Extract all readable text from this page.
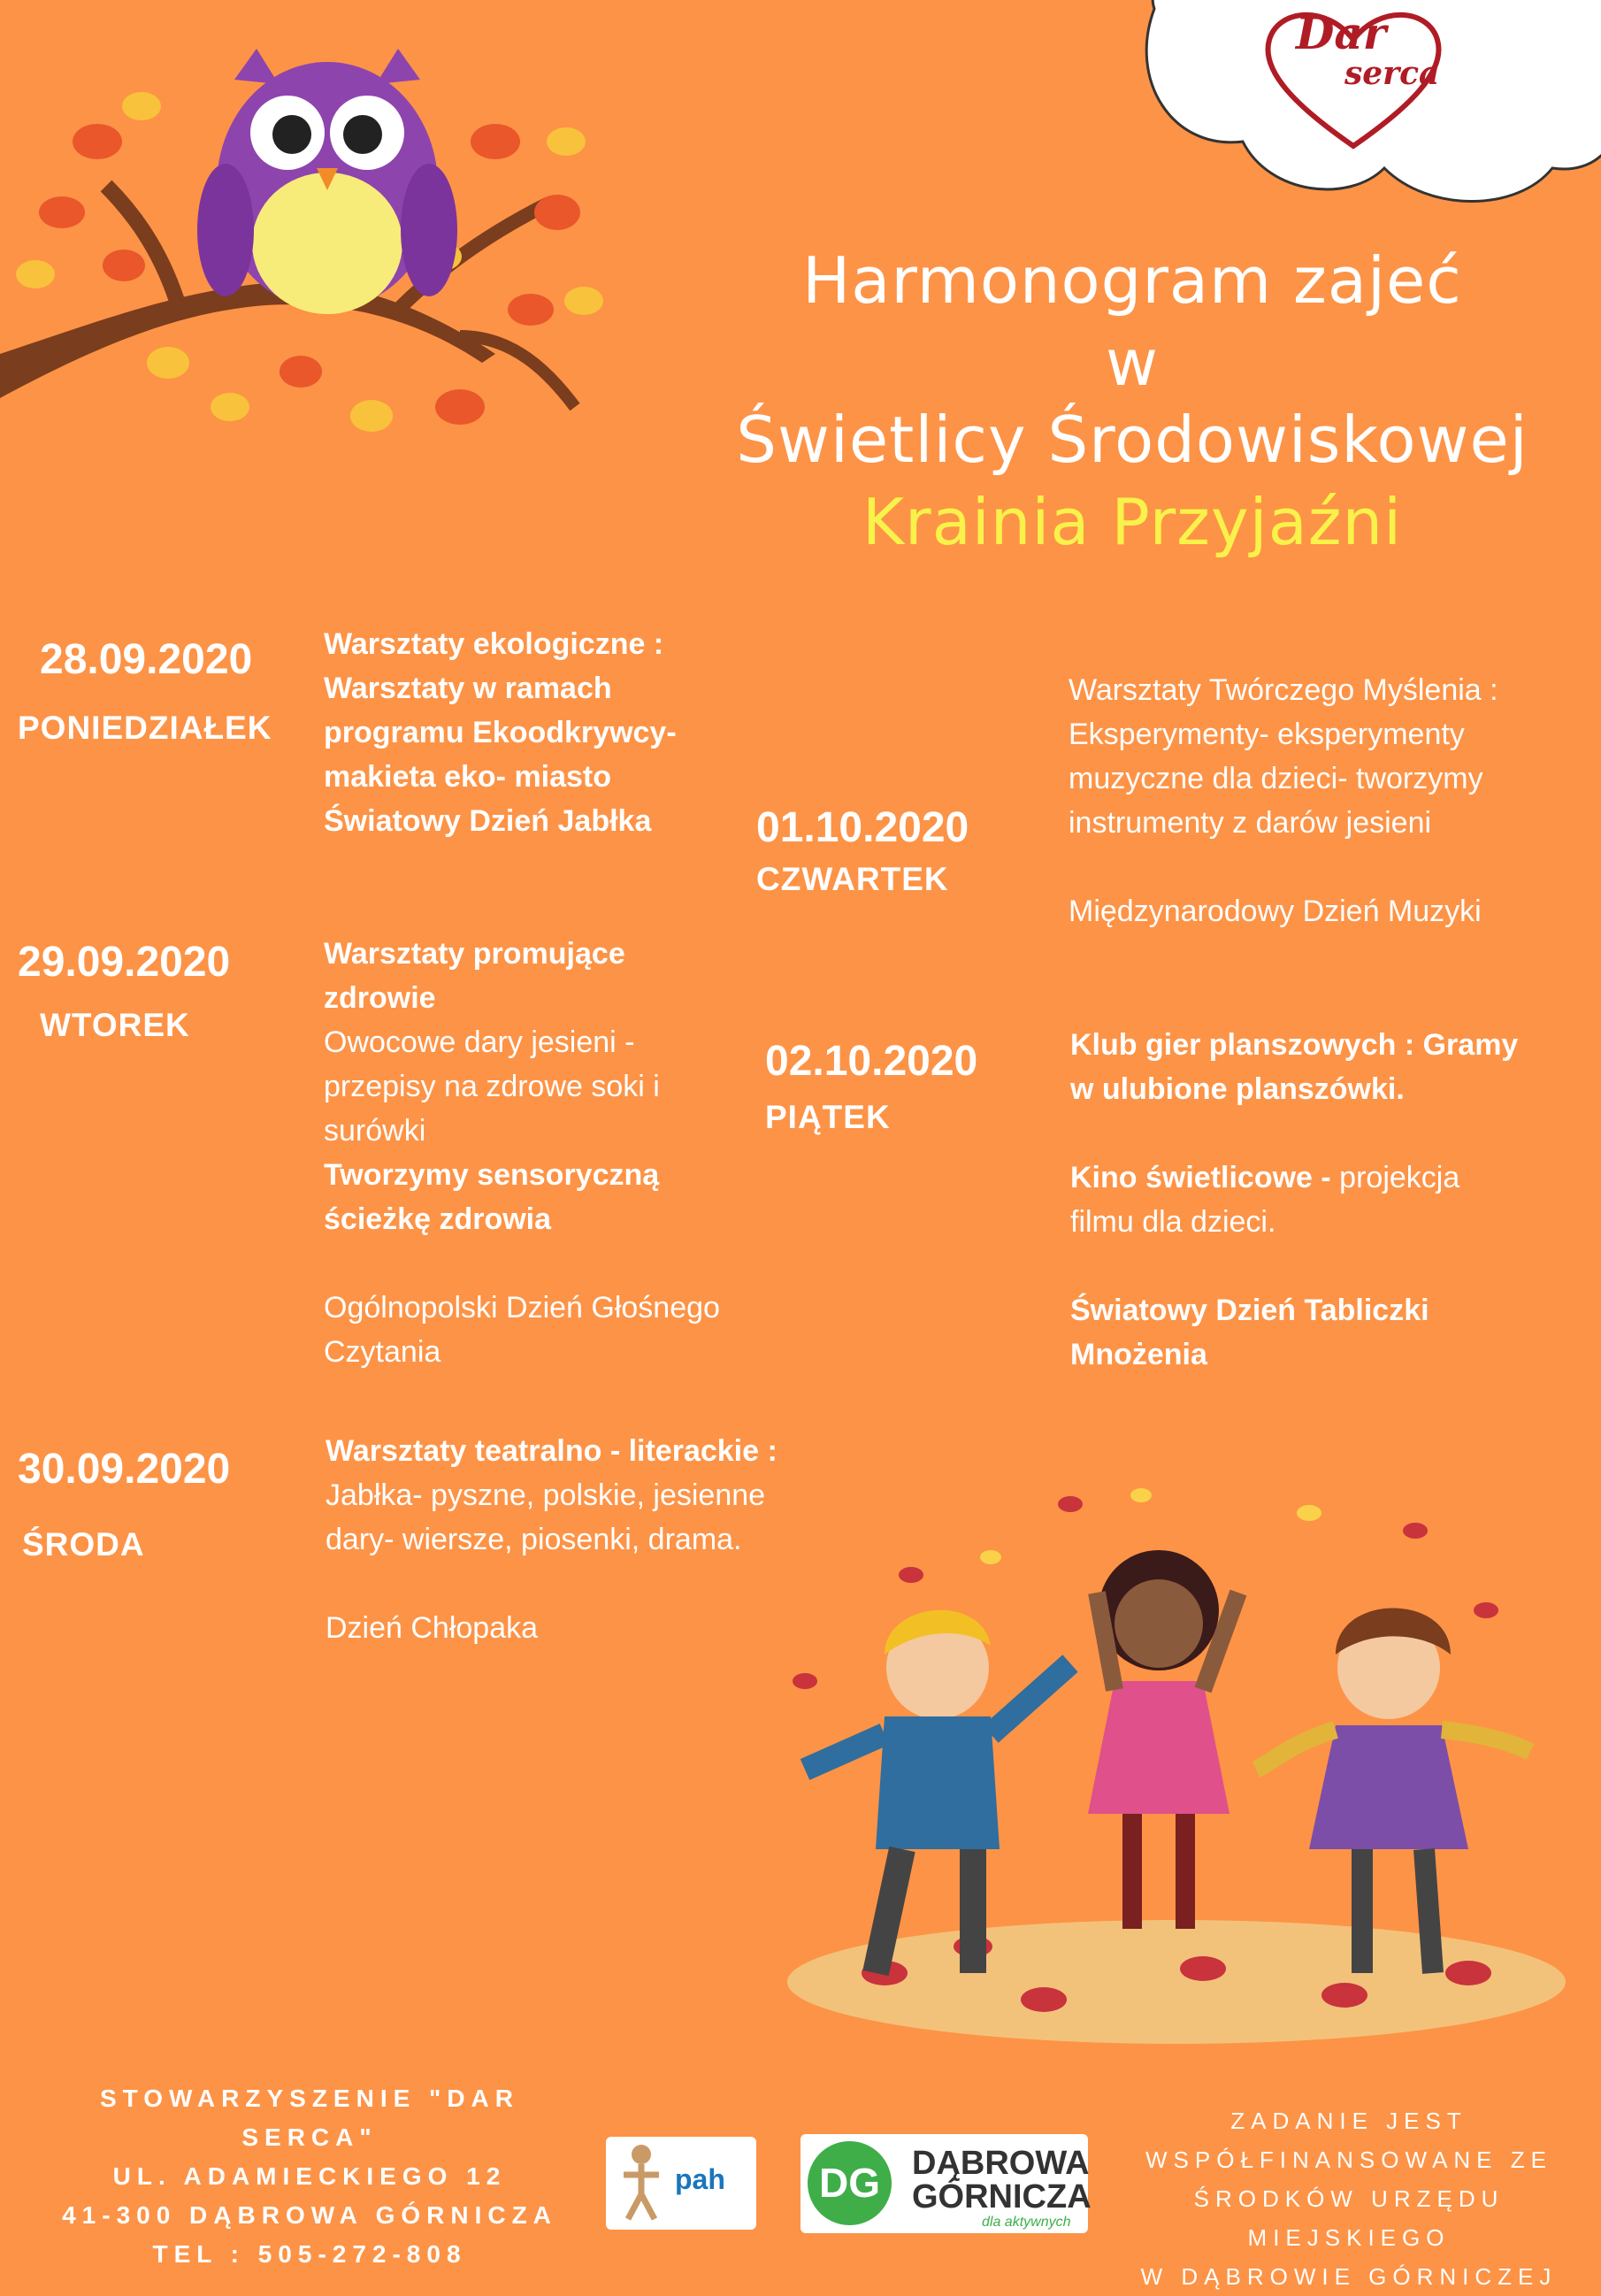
Dar
serca
Harmonogram zajeć
w
Świetlicy Środowiskowej
Krainia Przyjaźni
28.09.2020
PONIEDZIAŁEK
Warsztaty ekologiczne :
Warsztaty w ramach
programu Ekoodkrywcy-
makieta eko- miasto
Światowy Dzień Jabłka
29.09.2020
WTOREK
Warsztaty promujące
zdrowie
Owocowe dary jesieni -
przepisy na zdrowe soki i
surówki
Tworzymy sensoryczną
ścieżkę zdrowia
Ogólnopolski Dzień Głośnego
Czytania
30.09.2020
ŚRODA
Warsztaty teatralno - literackie :
Jabłka- pyszne, polskie, jesienne
dary- wiersze, piosenki, drama.
Dzień Chłopaka
01.10.2020
CZWARTEK
Warsztaty Twórczego Myślenia :
Eksperymenty- eksperymenty
muzyczne dla dzieci- tworzymy
instrumenty z darów jesieni
Międzynarodowy Dzień Muzyki
02.10.2020
PIĄTEK
Klub gier planszowych : Gramy
w ulubione planszówki.
Kino świetlicowe - projekcja
filmu dla dzieci.
Światowy Dzień Tabliczki
Mnożenia
STOWARZYSZENIE "DAR SERCA"
UL. ADAMIECKIEGO 12
41-300 DĄBROWA GÓRNICZA
TEL : 505-272-808
pah DG DĄBROWA
GÓRNICZA
dla aktywnych
ZADANIE JEST
WSPÓŁFINANSOWANE ZE
ŚRODKÓW URZĘDU MIEJSKIEGO
W DĄBROWIE GÓRNICZEJ
